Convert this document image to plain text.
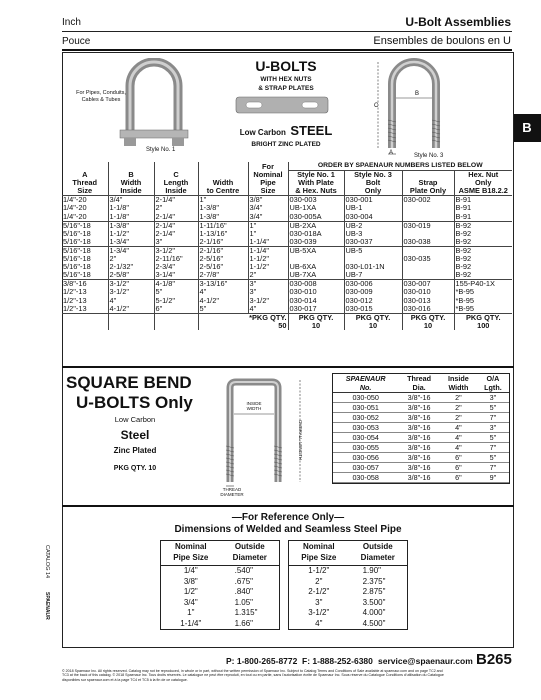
Inch
Pouce
U-Bolt Assemblies
Ensembles de boulons en U
B
For Pipes, Conduits, Cables & Tubes
Style No. 1
U-BOLTS
WITH HEX NUTS
& STRAP PLATES
Low Carbon STEEL
BRIGHT ZINC PLATED
C
B
A	Style No. 3
				For	ORDER BY SPAENAUR NUMBERS LISTED BELOW			
A
Thread
Size	B
Width
Inside	C
Length
Inside	Width
to Centre	Nominal
Pipe
Size	Style No. 1
With Plate
& Hex. Nuts	Style No. 3
Bolt
Only	Strap
Plate Only	Hex. Nut
Only
ASME B18.2.2
1/4"-20	3/4"	2-1/4"	1"	3/8"	030-003	030-001	030-002	B-91
1/4"-20	1-1/8"	2"	1-3/8"	3/4"	UB-1XA	UB-1		B-91
1/4"-20	1-1/8"	2-1/4"	1-3/8"	3/4"	030-005A	030-004		B-91
5/16"-18	1-3/8"	2-1/4"	1-11/16"	1"	UB-2XA	UB-2	030-019	B-92
5/16"-18	1-1/2"	2-1/4"	1-13/16"	1"	030-018A	UB-3		B-92
5/16"-18	1-3/4"	3"	2-1/16"	1-1/4"	030-039	030-037	030-038	B-92
5/16"-18	1-3/4"	3-1/2"	2-1/16"	1-1/4"	UB-5XA	UB-5		B-92
5/16"-18	2"	2-11/16"	2-5/16"	1-1/2"			030-035	B-92
5/16"-18	2-1/32"	2-3/4"	2-5/16"	1-1/2"	UB-6XA	030-L01-1N		B-92
5/16"-18	2-5/8"	3-1/4"	2-7/8"	2"	UB-7XA	UB-7		B-92
3/8"-16	3-1/2"	4-1/8"	3-13/16"	3"	030-008	030-006	030-007	155-P40-1X
1/2"-13	3-1/2"	5"	4"	3"	030-010	030-009	030-010	*B-95
1/2"-13	4"	5-1/2"	4-1/2"	3-1/2"	030-014	030-012	030-013	*B-95
1/2"-13	4-1/2"	6"	5"	4"	030-017	030-015	030-016	*B-95
			*PKG QTY.		PKG QTY.	PKG QTY.	PKG QTY.	PKG QTY.
			50		10	10	10	100
SQUARE BEND
U-BOLTS Only
Low Carbon
Steel
Zinc Plated
PKG QTY. 10
INSIDE
WIDTH
OVERALL LENGTH
THREAD
DIAMETER
SPAENAUR
No.	Thread
Dia.	Inside
Width	O/A
Lgth.
030-050	3/8"-16	2"	3"
030-051	3/8"-16	2"	5"
030-052	3/8"-16	2"	7"
030-053	3/8"-16	4"	3"
030-054	3/8"-16	4"	5"
030-055	3/8"-16	4"	7"
030-056	3/8"-16	6"	5"
030-057	3/8"-16	6"	7"
030-058	3/8"-16	6"	9"
—For Reference Only—
Dimensions of Welded and Seamless Steel Pipe
Nominal
Pipe Size	Outside
Diameter
1/4"	.540"
3/8"	.675"
1/2"	.840"
3/4"	1.05"
1"	1.315"
1-1/4"	1.66"
Nominal
Pipe Size	Outside
Diameter
1-1/2"	1.90"
2"	2.375"
2-1/2"	2.875"
3"	3.500"
3-1/2"	4.000"
4"	4.500"
CATALOG 14
SPAENAUR
P: 1-800-265-8772 F: 1-888-252-6380 service@spaenaur.com B265
© 2018 Spaenaur Inc. All rights reserved. Catalog may not be reproduced, in whole or in part, without the written permission of Spaenaur Inc. Subject to Catalog Terms and Conditions of Sale available at spaenaur.com and on page TC2 and
TC3 at the back of this catalog. © 2018 Spaenaur Inc. Tous droits réservés. Le catalogue ne peut être reproduit, en tout ou en partie, sans l'autorisation écrite de Spaenaur Inc. Sous réserve du Catalogue Conditions d'utilisation du Catalogue
disponibles sur spaenaur.com et à la page TC4 et TC5 à la fin de ce catalogue.
